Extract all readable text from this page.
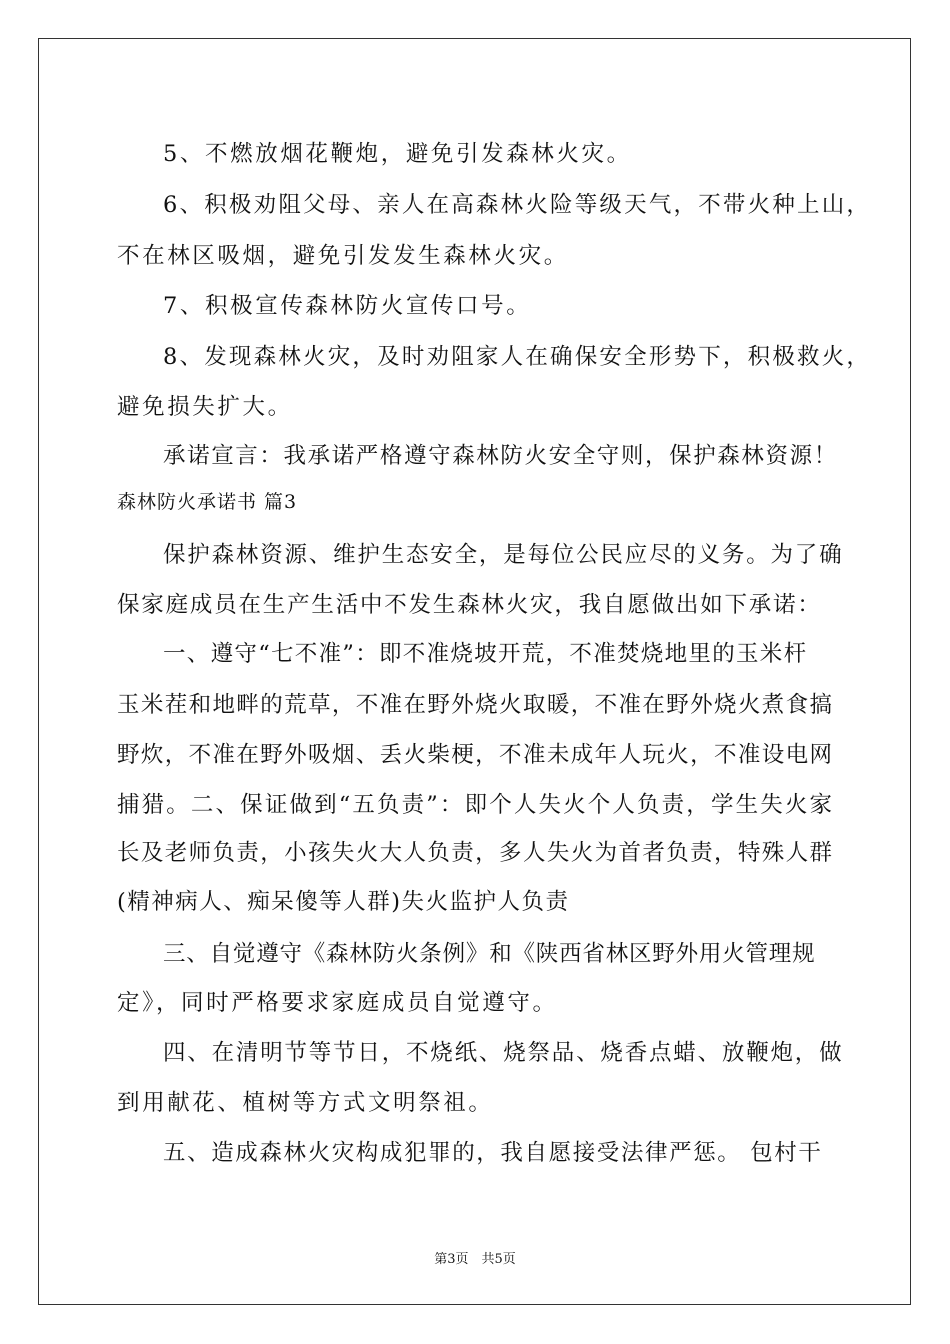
5、不燃放烟花鞭炮，避免引发森林火灾。
6、积极劝阻父母、亲人在高森林火险等级天气，不带火种上山，
不在林区吸烟，避免引发发生森林火灾。
7、积极宣传森林防火宣传口号。
8、发现森林火灾，及时劝阻家人在确保安全形势下，积极救火，
避免损失扩大。
承诺宣言：我承诺严格遵守森林防火安全守则，保护森林资源！
森林防火承诺书 篇3
保护森林资源、维护生态安全，是每位公民应尽的义务。为了确
保家庭成员在生产生活中不发生森林火灾，我自愿做出如下承诺：
一、遵守“七不准”：即不准烧坡开荒，不准焚烧地里的玉米杆
玉米茬和地畔的荒草，不准在野外烧火取暖，不准在野外烧火煮食搞
野炊，不准在野外吸烟、丢火柴梗，不准未成年人玩火，不准设电网
捕猎。二、保证做到“五负责”：即个人失火个人负责，学生失火家
长及老师负责，小孩失火大人负责，多人失火为首者负责，特殊人群
(精神病人、痴呆傻等人群)失火监护人负责
三、自觉遵守《森林防火条例》和《陕西省林区野外用火管理规
定》，同时严格要求家庭成员自觉遵守。
四、在清明节等节日，不烧纸、烧祭品、烧香点蜡、放鞭炮，做
到用献花、植树等方式文明祭祖。
五、造成森林火灾构成犯罪的，我自愿接受法律严惩。 包村干
第3页　共5页
